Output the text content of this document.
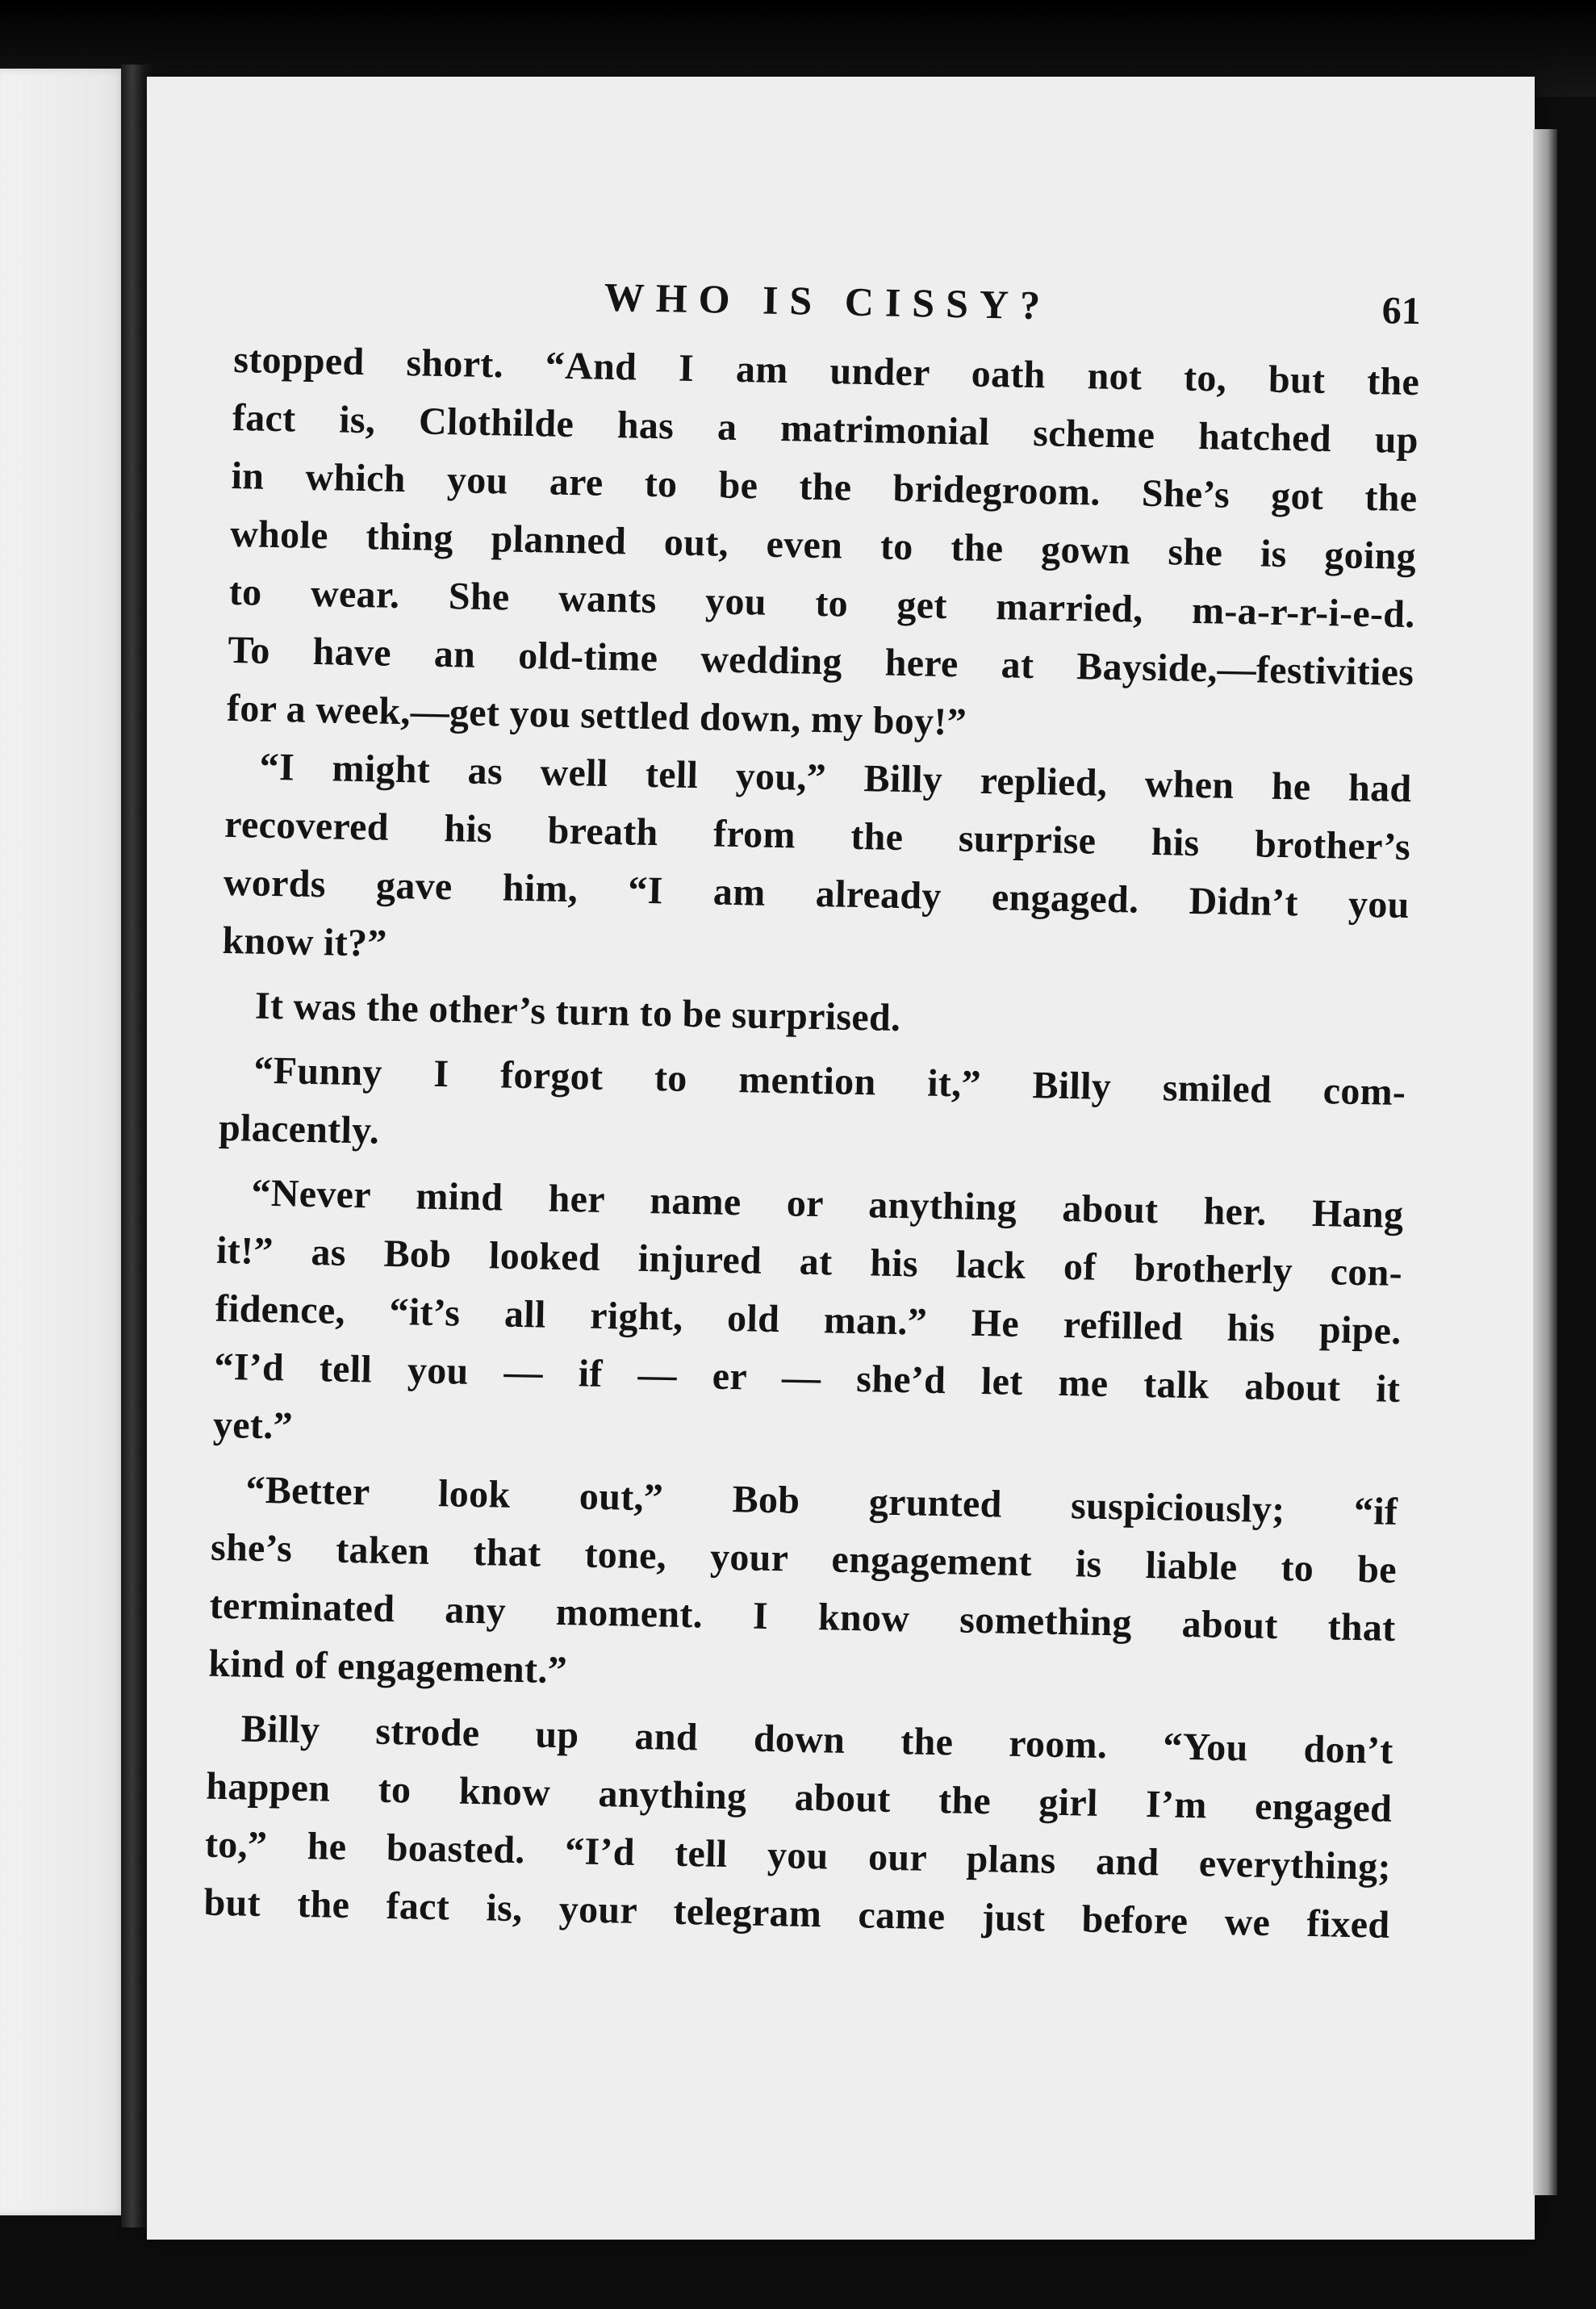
WHO IS CISSY?	61
stopped short. “And I am under oath not to, but the
fact is, Clothilde has a matrimonial scheme hatched up
in which you are to be the bridegroom. She’s got the
whole thing planned out, even to the gown she is going
to wear. She wants you to get married, m-a-r-r-i-e-d.
To have an old-time wedding here at Bayside,—festivities
for a week,—get you settled down, my boy!”
“I might as well tell you,” Billy replied, when he had
recovered his breath from the surprise his brother’s
words gave him, “I am already engaged. Didn’t you
know it?”
It was the other’s turn to be surprised.
“Funny I forgot to mention it,” Billy smiled com-
placently.
“Never mind her name or anything about her. Hang
it!” as Bob looked injured at his lack of brotherly con-
fidence, “it’s all right, old man.” He refilled his pipe.
“I’d tell you — if — er — she’d let me talk about it
yet.”
“Better look out,” Bob grunted suspiciously; “if
she’s taken that tone, your engagement is liable to be
terminated any moment. I know something about that
kind of engagement.”
Billy strode up and down the room. “You don’t
happen to know anything about the girl I’m engaged
to,” he boasted. “I’d tell you our plans and everything;
but the fact is, your telegram came just before we fixed
